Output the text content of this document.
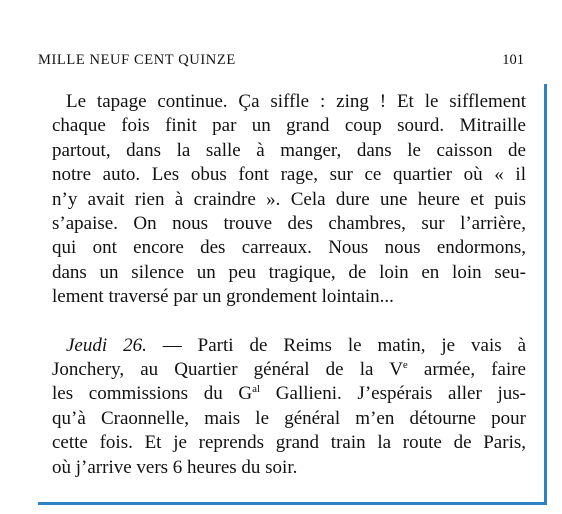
MILLE NEUF CENT QUINZE	101

Le tapage continue. Ça siffle : zing ! Et le sifflement
chaque fois finit par un grand coup sourd. Mitraille
partout, dans la salle à manger, dans le caisson de
notre auto. Les obus font rage, sur ce quartier où « il
n’y avait rien à craindre ». Cela dure une heure et puis
s’apaise. On nous trouve des chambres, sur l’arrière,
qui ont encore des carreaux. Nous nous endormons,
dans un silence un peu tragique, de loin en loin seu-
lement traversé par un grondement lointain...

Jeudi 26. — Parti de Reims le matin, je vais à
Jonchery, au Quartier général de la Ve armée, faire
les commissions du $G^{al}$ Gallieni. J’espérais aller jus-
qu’à Craonnelle, mais le général m’en détourne pour
cette fois. Et je reprends grand train la route de Paris,
où j’arrive vers 6 heures du soir.
